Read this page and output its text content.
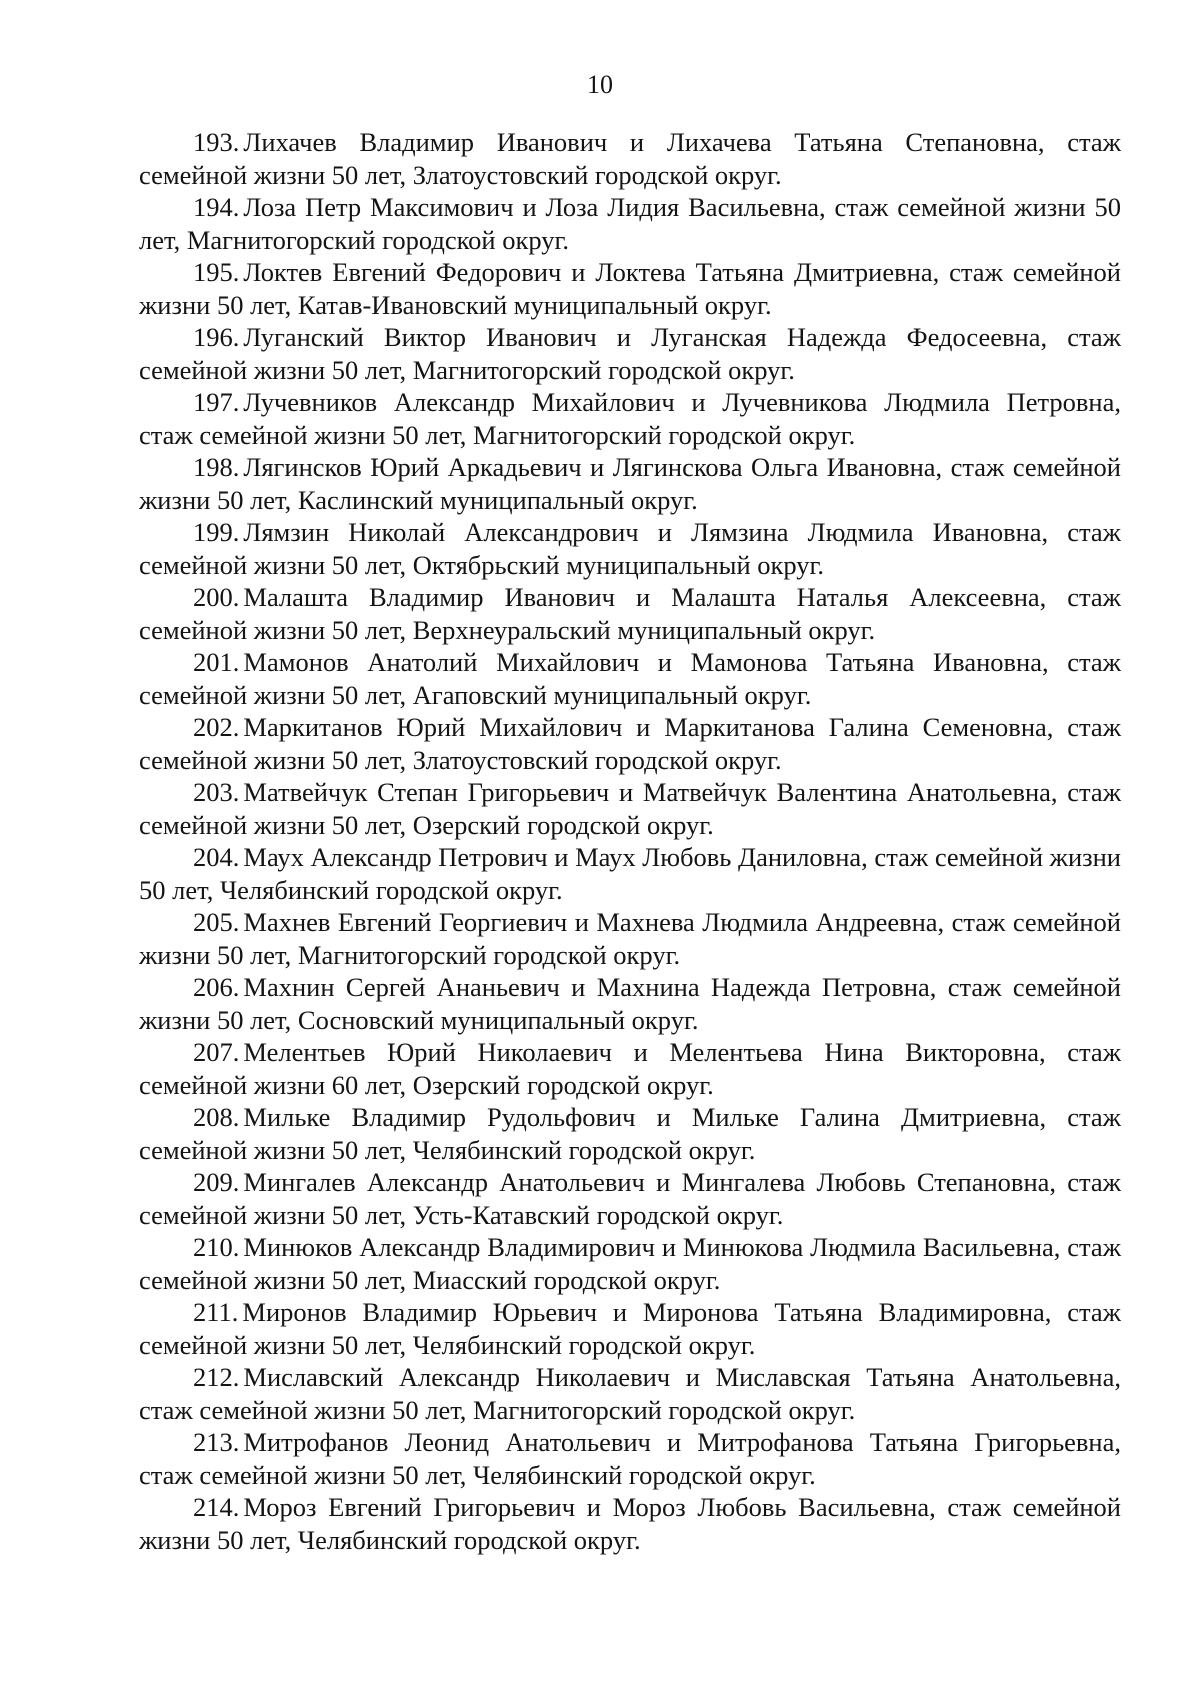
10

193. Лихачев Владимир Иванович и Лихачева Татьяна Степановна, стаж семейной жизни 50 лет, Златоустовский городской округ.

194. Лоза Петр Максимович и Лоза Лидия Васильевна, стаж семейной жизни 50 лет, Магнитогорский городской округ.

195. Локтев Евгений Федорович и Локтева Татьяна Дмитриевна, стаж семейной жизни 50 лет, Катав-Ивановский муниципальный округ.

196. Луганский Виктор Иванович и Луганская Надежда Федосеевна, стаж семейной жизни 50 лет, Магнитогорский городской округ.

197. Лучевников Александр Михайлович и Лучевникова Людмила Петровна, стаж семейной жизни 50 лет, Магнитогорский городской округ.

198. Лягинсков Юрий Аркадьевич и Лягинскова Ольга Ивановна, стаж семейной жизни 50 лет, Каслинский муниципальный округ.

199. Лямзин Николай Александрович и Лямзина Людмила Ивановна, стаж семейной жизни 50 лет, Октябрьский муниципальный округ.

200. Малашта Владимир Иванович и Малашта Наталья Алексеевна, стаж семейной жизни 50 лет, Верхнеуральский муниципальный округ.

201. Мамонов Анатолий Михайлович и Мамонова Татьяна Ивановна, стаж семейной жизни 50 лет, Агаповский муниципальный округ.

202. Маркитанов Юрий Михайлович и Маркитанова Галина Семеновна, стаж семейной жизни 50 лет, Златоустовский городской округ.

203. Матвейчук Степан Григорьевич и Матвейчук Валентина Анатольевна, стаж семейной жизни 50 лет, Озерский городской округ.

204. Маух Александр Петрович и Маух Любовь Даниловна, стаж семейной жизни 50 лет, Челябинский городской округ.

205. Махнев Евгений Георгиевич и Махнева Людмила Андреевна, стаж семейной жизни 50 лет, Магнитогорский городской округ.

206. Махнин Сергей Ананьевич и Махнина Надежда Петровна, стаж семейной жизни 50 лет, Сосновский муниципальный округ.

207. Мелентьев Юрий Николаевич и Мелентьева Нина Викторовна, стаж семейной жизни 60 лет, Озерский городской округ.

208. Мильке Владимир Рудольфович и Мильке Галина Дмитриевна, стаж семейной жизни 50 лет, Челябинский городской округ.

209. Мингалев Александр Анатольевич и Мингалева Любовь Степановна, стаж семейной жизни 50 лет, Усть-Катавский городской округ.

210. Минюков Александр Владимирович и Минюкова Людмила Васильевна, стаж семейной жизни 50 лет, Миасский городской округ.

211. Миронов Владимир Юрьевич и Миронова Татьяна Владимировна, стаж семейной жизни 50 лет, Челябинский городской округ.

212. Миславский Александр Николаевич и Миславская Татьяна Анатольевна, стаж семейной жизни 50 лет, Магнитогорский городской округ.

213. Митрофанов Леонид Анатольевич и Митрофанова Татьяна Григорьевна, стаж семейной жизни 50 лет, Челябинский городской округ.

214. Мороз Евгений Григорьевич и Мороз Любовь Васильевна, стаж семейной жизни 50 лет, Челябинский городской округ.
